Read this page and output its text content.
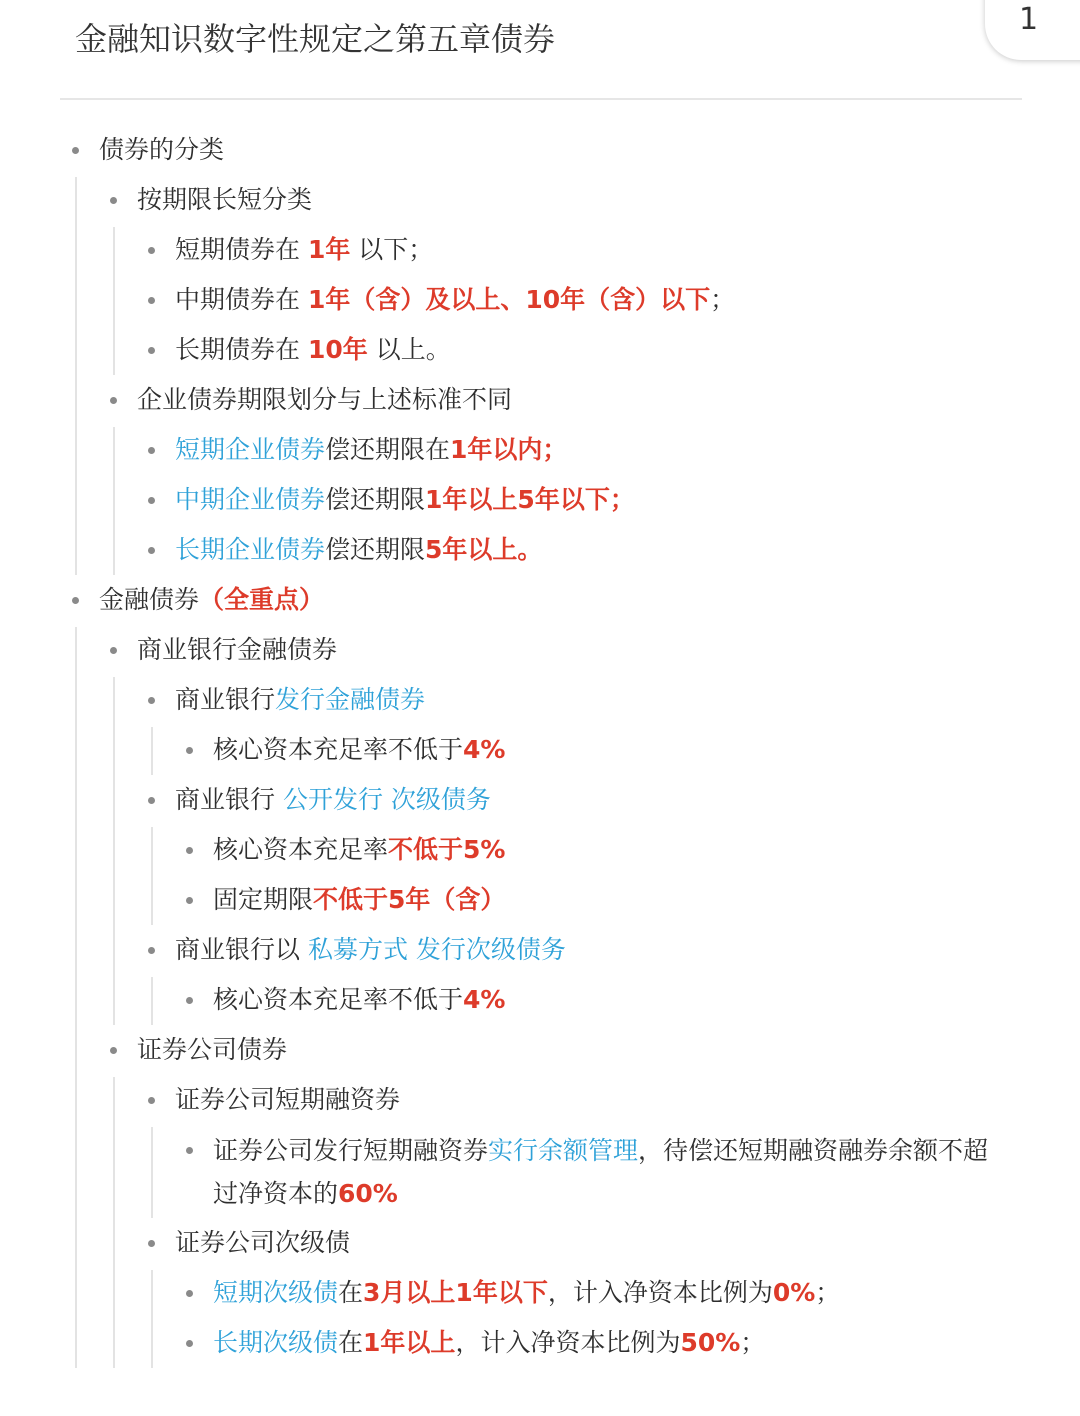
金融知识数字性规定之第五章债券
1
债券的分类
按期限长短分类
短期债券在 1年 以下；
中期债券在 1年（含）及以上、10年（含）以下；
长期债券在 10年 以上。
企业债券期限划分与上述标准不同
短期企业债券偿还期限在1年以内；
中期企业债券偿还期限1年以上5年以下；
长期企业债券偿还期限5年以上。
金融债券（全重点）
商业银行金融债券
商业银行发行金融债券
核心资本充足率不低于4%
商业银行 公开发行 次级债务
核心资本充足率不低于5%
固定期限不低于5年（含）
商业银行以 私募方式 发行次级债务
核心资本充足率不低于4%
证券公司债券
证券公司短期融资券
证券公司发行短期融资券实行余额管理，待偿还短期融资融券余额不超过净资本的60%
证券公司次级债
短期次级债在3月以上1年以下，计入净资本比例为0%；
长期次级债在1年以上，计入净资本比例为50%；
